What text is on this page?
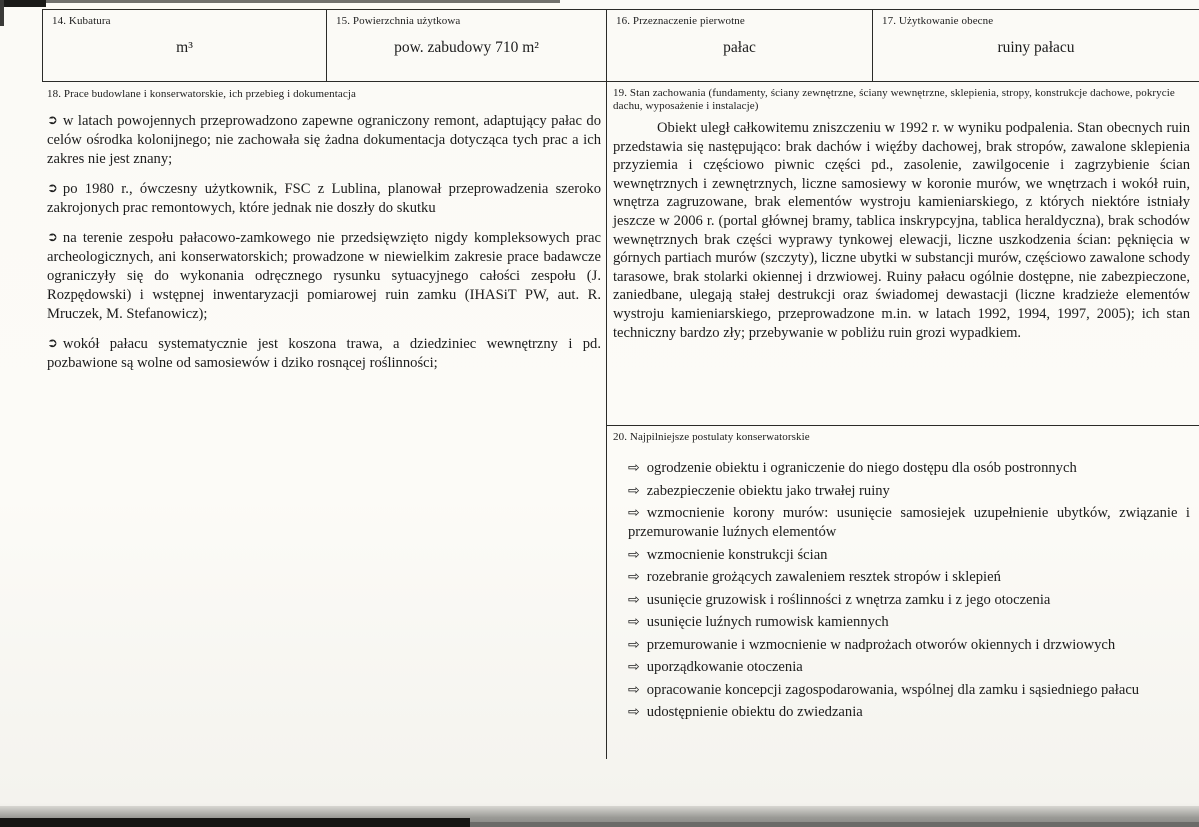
14. Kubatura
m³
15. Powierzchnia użytkowa
pow. zabudowy 710 m²
16. Przeznaczenie pierwotne
pałac
17. Użytkowanie obecne
ruiny pałacu
18. Prace budowlane i konserwatorskie, ich przebieg i dokumentacja
➲ w latach powojennych przeprowadzono zapewne ograniczony remont, adaptujący pałac do celów ośrodka kolonijnego; nie zachowała się żadna dokumentacja dotycząca tych prac a ich zakres nie jest znany;
➲ po 1980 r., ówczesny użytkownik, FSC z Lublina, planował przeprowadzenia szeroko zakrojonych prac remontowych, które jednak nie doszły do skutku
➲ na terenie zespołu pałacowo-zamkowego nie przedsięwzięto nigdy kompleksowych prac archeologicznych, ani konserwatorskich; prowadzone w niewielkim zakresie prace badawcze ograniczyły się do wykonania odręcznego rysunku sytuacyjnego całości zespołu (J. Rozpędowski) i wstępnej inwentaryzacji pomiarowej ruin zamku (IHASiT PW, aut. R. Mruczek, M. Stefanowicz);
➲ wokół pałacu systematycznie jest koszona trawa, a dziedziniec wewnętrzny i pd. pozbawione są wolne od samosiewów i dziko rosnącej roślinności;
19. Stan zachowania (fundamenty, ściany zewnętrzne, ściany wewnętrzne, sklepienia, stropy, konstrukcje dachowe, pokrycie dachu, wyposażenie i instalacje)
Obiekt uległ całkowitemu zniszczeniu w 1992 r. w wyniku podpalenia. Stan obecnych ruin przedstawia się następująco: brak dachów i więźby dachowej, brak stropów, zawalone sklepienia przyziemia i częściowo piwnic części pd., zasolenie, zawilgocenie i zagrzybienie ścian wewnętrznych i zewnętrznych, liczne samosiewy w koronie murów, we wnętrzach i wokół ruin, wnętrza zagruzowane, brak elementów wystroju kamieniarskiego, z których niektóre istniały jeszcze w 2006 r. (portal głównej bramy, tablica inskrypcyjna, tablica heraldyczna), brak schodów wewnętrznych brak części wyprawy tynkowej elewacji, liczne uszkodzenia ścian: pęknięcia w górnych partiach murów (szczyty), liczne ubytki w substancji murów, częściowo zawalone schody tarasowe, brak stolarki okiennej i drzwiowej. Ruiny pałacu ogólnie dostępne, nie zabezpieczone, zaniedbane, ulegają stałej destrukcji oraz świadomej dewastacji (liczne kradzieże elementów wystroju kamieniarskiego, przeprowadzone m.in. w latach 1992, 1994, 1997, 2005); ich stan techniczny bardzo zły; przebywanie w pobliżu ruin grozi wypadkiem.
20. Najpilniejsze postulaty konserwatorskie
⇨ ogrodzenie obiektu i ograniczenie do niego dostępu dla osób postronnych
⇨ zabezpieczenie obiektu jako trwałej ruiny
⇨ wzmocnienie korony murów: usunięcie samosiejek uzupełnienie ubytków, związanie i przemurowanie luźnych elementów
⇨ wzmocnienie konstrukcji ścian
⇨ rozebranie grożących zawaleniem resztek stropów i sklepień
⇨ usunięcie gruzowisk i roślinności z wnętrza zamku i z jego otoczenia
⇨ usunięcie luźnych rumowisk kamiennych
⇨ przemurowanie i wzmocnienie w nadprożach otworów okiennych i drzwiowych
⇨ uporządkowanie otoczenia
⇨ opracowanie koncepcji zagospodarowania, wspólnej dla zamku i sąsiedniego pałacu
⇨ udostępnienie obiektu do zwiedzania
